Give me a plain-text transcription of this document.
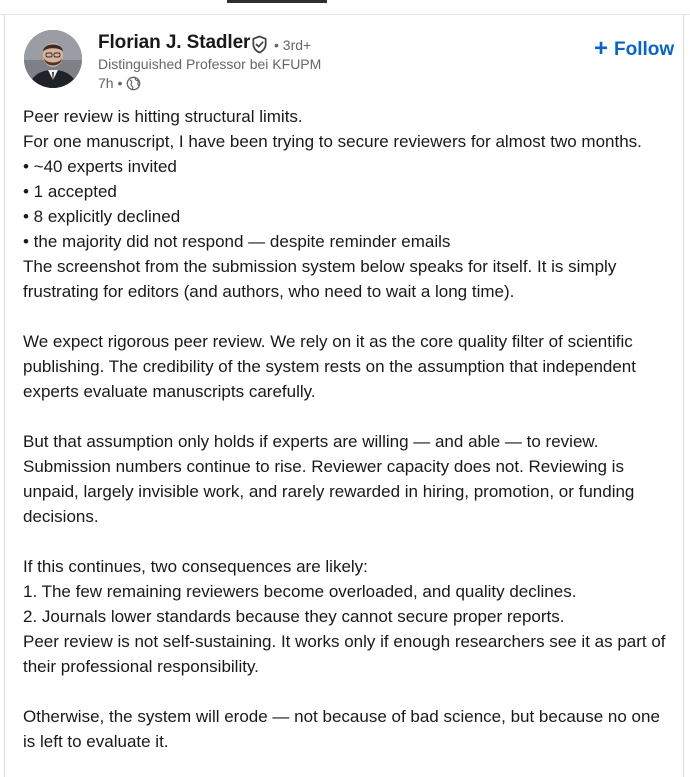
Florian J. Stadler • 3rd+
Distinguished Professor bei KFUPM
7h •
+ Follow
Peer review is hitting structural limits.
For one manuscript, I have been trying to secure reviewers for almost two months.
• ~40 experts invited
• 1 accepted
• 8 explicitly declined
• the majority did not respond — despite reminder emails
The screenshot from the submission system below speaks for itself. It is simply
frustrating for editors (and authors, who need to wait a long time).
We expect rigorous peer review. We rely on it as the core quality filter of scientific
publishing. The credibility of the system rests on the assumption that independent
experts evaluate manuscripts carefully.
But that assumption only holds if experts are willing — and able — to review.
Submission numbers continue to rise. Reviewer capacity does not. Reviewing is
unpaid, largely invisible work, and rarely rewarded in hiring, promotion, or funding
decisions.
If this continues, two consequences are likely:
1. The few remaining reviewers become overloaded, and quality declines.
2. Journals lower standards because they cannot secure proper reports.
Peer review is not self-sustaining. It works only if enough researchers see it as part of
their professional responsibility.
Otherwise, the system will erode — not because of bad science, but because no one
is left to evaluate it.
